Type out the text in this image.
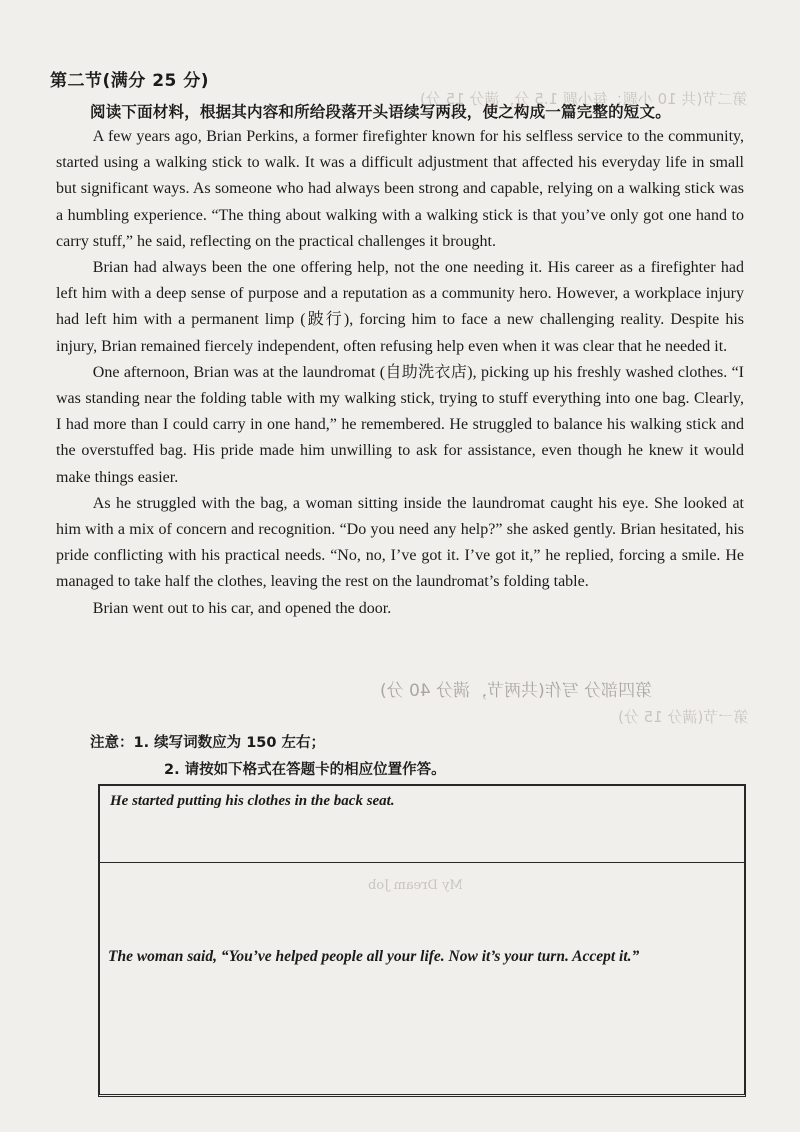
第二节(共 10 小题；每小题 1.5 分，满分 15 分)
第四部分 写作(共两节，满分 40 分)
第一节(满分 15 分)
My Dream Job
第二节(满分 25 分)
阅读下面材料，根据其内容和所给段落开头语续写两段，使之构成一篇完整的短文。

A few years ago, Brian Perkins, a former firefighter known for his selfless service to the community, started using a walking stick to walk. It was a difficult adjustment that affected his everyday life in small but significant ways. As someone who had always been strong and capable, relying on a walking stick was a humbling experience. “The thing about walking with a walking stick is that you’ve only got one hand to carry stuff,” he said, reflecting on the practical challenges it brought.

Brian had always been the one offering help, not the one needing it. His career as a firefighter had left him with a deep sense of purpose and a reputation as a community hero. However, a workplace injury had left him with a permanent limp (跛行), forcing him to face a new challenging reality. Despite his injury, Brian remained fiercely independent, often refusing help even when it was clear that he needed it.

One afternoon, Brian was at the laundromat (自助洗衣店), picking up his freshly washed clothes. “I was standing near the folding table with my walking stick, trying to stuff everything into one bag. Clearly, I had more than I could carry in one hand,” he remembered. He struggled to balance his walking stick and the overstuffed bag. His pride made him unwilling to ask for assistance, even though he knew it would make things easier.

As he struggled with the bag, a woman sitting inside the laundromat caught his eye. She looked at him with a mix of concern and recognition. “Do you need any help?” she asked gently. Brian hesitated, his pride conflicting with his practical needs. “No, no, I’ve got it. I’ve got it,” he replied, forcing a smile. He managed to take half the clothes, leaving the rest on the laundromat’s folding table.

Brian went out to his car, and opened the door.

注意：1. 续写词数应为 150 左右；
2. 请按如下格式在答题卡的相应位置作答。
He started putting his clothes in the back seat.
The woman said, “You’ve helped people all your life. Now it’s your turn. Accept it.”
